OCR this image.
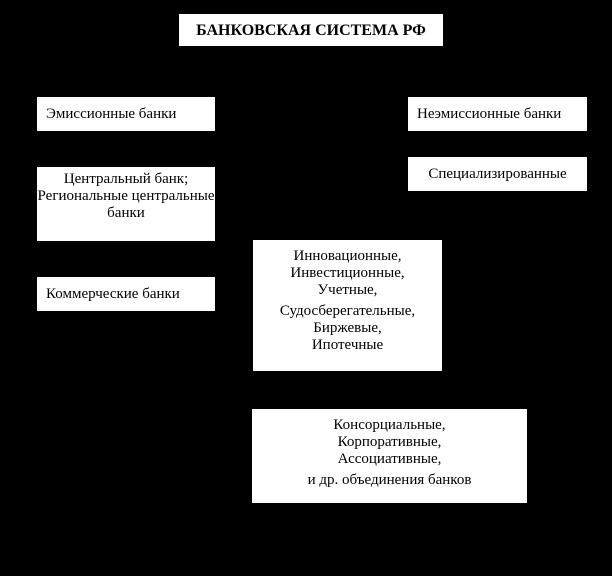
БАНКОВСКАЯ СИСТЕМА РФ
Эмиссионные банки	Неэмиссионные банки
Специализированные
Центральный банк;
Региональные центральные
банки
Коммерческие банки
Инновационные,
Инвестиционные,
Учетные,
Судосберегательные,
Биржевые,
Ипотечные
Консорциальные,
Корпоративные,
Ассоциативные,
и др. объединения банков
